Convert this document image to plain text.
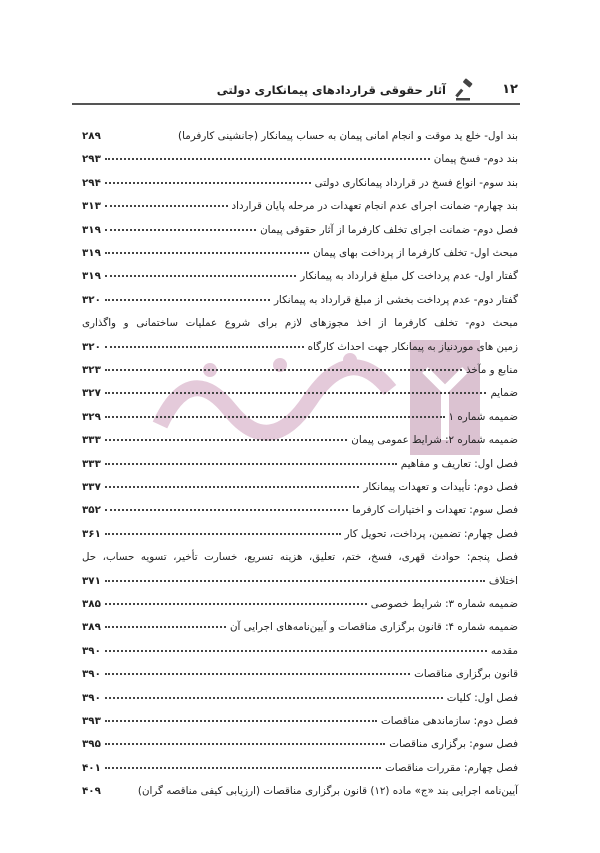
۱۲
آثار حقوقی قراردادهای پیمانکاری دولتی
بند اول- خلع ید موقت و انجام امانی پیمان به حساب پیمانکار (جانشینی کارفرما)
۲۸۹
بند دوم- فسخ پیمان
۲۹۳
بند سوم- انواع فسخ در قرارداد پیمانکاری دولتی
۲۹۴
بند چهارم- ضمانت اجرای عدم انجام تعهدات در مرحله پایان قرارداد
۳۱۳
فصل دوم- ضمانت اجرای تخلف کارفرما از آثار حقوقی پیمان
۳۱۹
مبحث اول- تخلف کارفرما از پرداخت بهای پیمان
۳۱۹
گفتار اول- عدم پرداخت کل مبلغ قرارداد به پیمانکار
۳۱۹
گفتار دوم- عدم پرداخت بخشی از مبلغ قرارداد به پیمانکار
۳۲۰
مبحث دوم- تخلف کارفرما از اخذ مجوزهای لازم برای شروع عملیات ساختمانی و واگذاری
زمین های موردنیاز به پیمانکار جهت احداث کارگاه
۳۲۰
منابع و مآخذ
۳۲۳
ضمایم
۳۲۷
ضمیمه شماره ۱
۳۲۹
ضمیمه شماره ۲: شرایط عمومی پیمان
۳۳۳
فصل اول: تعاریف و مفاهیم
۳۳۳
فصل دوم: تأییدات و تعهدات پیمانکار
۳۳۷
فصل سوم: تعهدات و اختیارات کارفرما
۳۵۲
فصل چهارم: تضمین، پرداخت، تحویل کار
۳۶۱
فصل پنجم: حوادث قهری، فسخ، ختم، تعلیق، هزینه تسریع، خسارت تأخیر، تسویه حساب، حل
اختلاف
۳۷۱
ضمیمه شماره ۳: شرایط خصوصی
۳۸۵
ضمیمه شماره ۴: قانون برگزاری مناقصات و آیین‌نامه‌های اجرایی آن
۳۸۹
مقدمه
۳۹۰
قانون برگزاری مناقصات
۳۹۰
فصل اول: کلیات
۳۹۰
فصل دوم: سازماندهی مناقصات
۳۹۳
فصل سوم: برگزاری مناقصات
۳۹۵
فصل چهارم: مقررات مناقصات
۴۰۱
آیین‌نامه اجرایی بند «ج» ماده (۱۲) قانون برگزاری مناقصات (ارزیابی کیفی مناقصه گران)
۴۰۹
